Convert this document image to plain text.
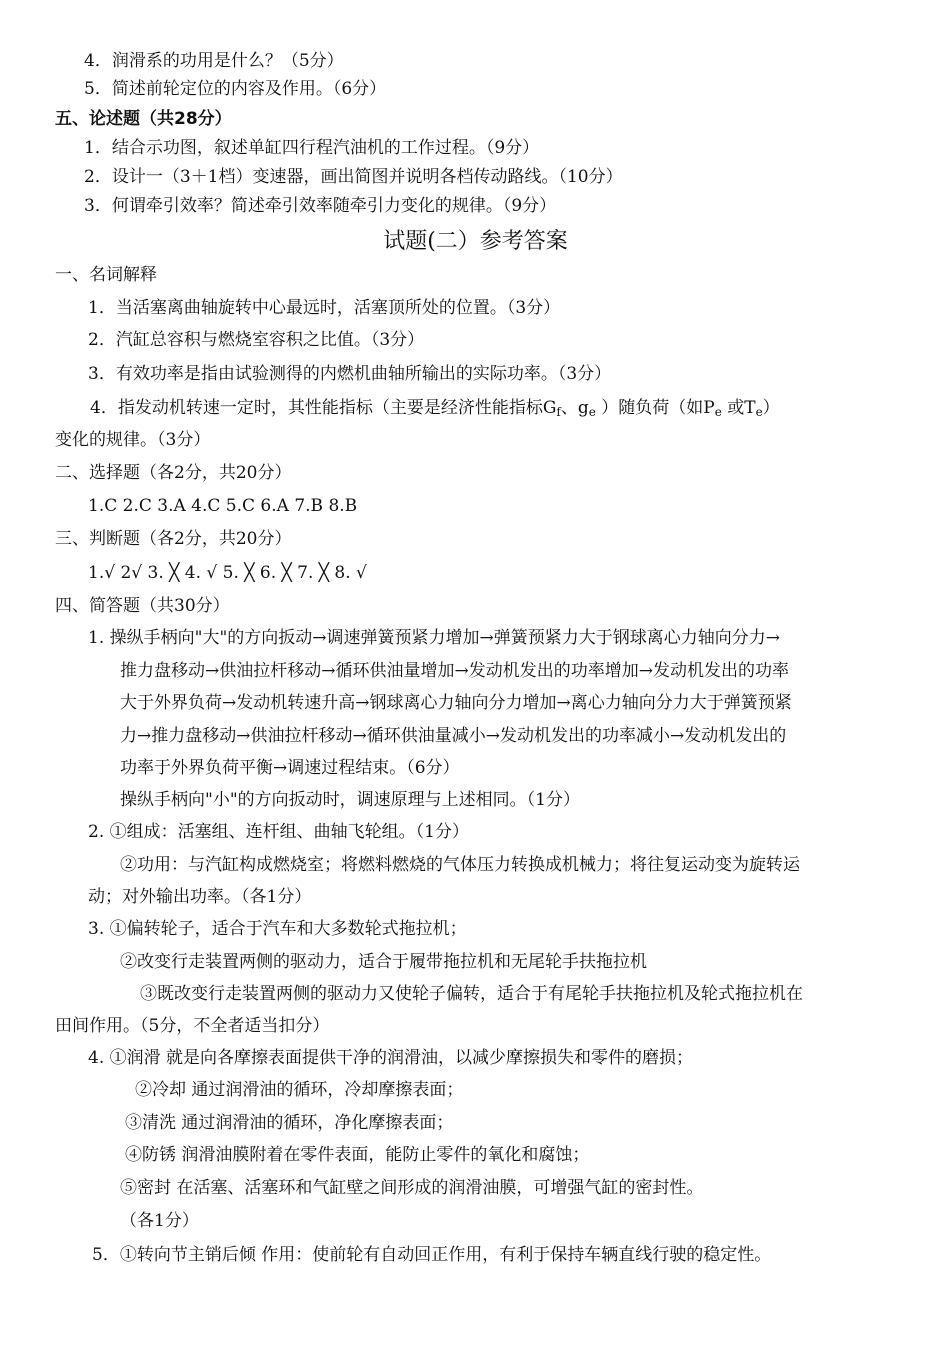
4．润滑系的功用是什么？（5分）
5．简述前轮定位的内容及作用。（6分）
五、论述题（共28分）
1．结合示功图，叙述单缸四行程汽油机的工作过程。（9分）
2．设计一（3＋1档）变速器，画出简图并说明各档传动路线。（10分）
3．何谓牵引效率？简述牵引效率随牵引力变化的规律。（9分）
试题(二）参考答案
一、名词解释
1．当活塞离曲轴旋转中心最远时，活塞顶所处的位置。（3分）
2．汽缸总容积与燃烧室容积之比值。（3分）
3．有效功率是指由试验测得的内燃机曲轴所输出的实际功率。（3分）
4．指发动机转速一定时，其性能指标（主要是经济性能指标$G_f$、$g_e$ ）随负荷（如$P_e$ 或$T_e$）
变化的规律。（3分）
二、选择题（各2分，共20分）
1.C 2.C 3.A 4.C 5.C 6.A 7.B 8.B
三、判断题（各2分，共20分）
1.√ 2√ 3. ╳ 4. √ 5. ╳ 6. ╳ 7. ╳ 8. √
四、简答题（共30分）
1. 操纵手柄向"大"的方向扳动→调速弹簧预紧力增加→弹簧预紧力大于钢球离心力轴向分力→
推力盘移动→供油拉杆移动→循环供油量增加→发动机发出的功率增加→发动机发出的功率
大于外界负荷→发动机转速升高→钢球离心力轴向分力增加→离心力轴向分力大于弹簧预紧
力→推力盘移动→供油拉杆移动→循环供油量减小→发动机发出的功率减小→发动机发出的
功率于外界负荷平衡→调速过程结束。（6分）
操纵手柄向"小"的方向扳动时，调速原理与上述相同。（1分）
2. ①组成：活塞组、连杆组、曲轴飞轮组。（1分）
②功用：与汽缸构成燃烧室；将燃料燃烧的气体压力转换成机械力；将往复运动变为旋转运
动；对外输出功率。（各1分）
3. ①偏转轮子，适合于汽车和大多数轮式拖拉机；
②改变行走装置两侧的驱动力，适合于履带拖拉机和无尾轮手扶拖拉机
③既改变行走装置两侧的驱动力又使轮子偏转，适合于有尾轮手扶拖拉机及轮式拖拉机在
田间作用。（5分，不全者适当扣分）
4. ①润滑 就是向各摩擦表面提供干净的润滑油，以减少摩擦损失和零件的磨损；
②冷却 通过润滑油的循环，冷却摩擦表面；
③清洗 通过润滑油的循环，净化摩擦表面；
④防锈 润滑油膜附着在零件表面，能防止零件的氧化和腐蚀；
⑤密封 在活塞、活塞环和气缸壁之间形成的润滑油膜，可增强气缸的密封性。
（各1分）
5．①转向节主销后倾 作用：使前轮有自动回正作用，有利于保持车辆直线行驶的稳定性。
